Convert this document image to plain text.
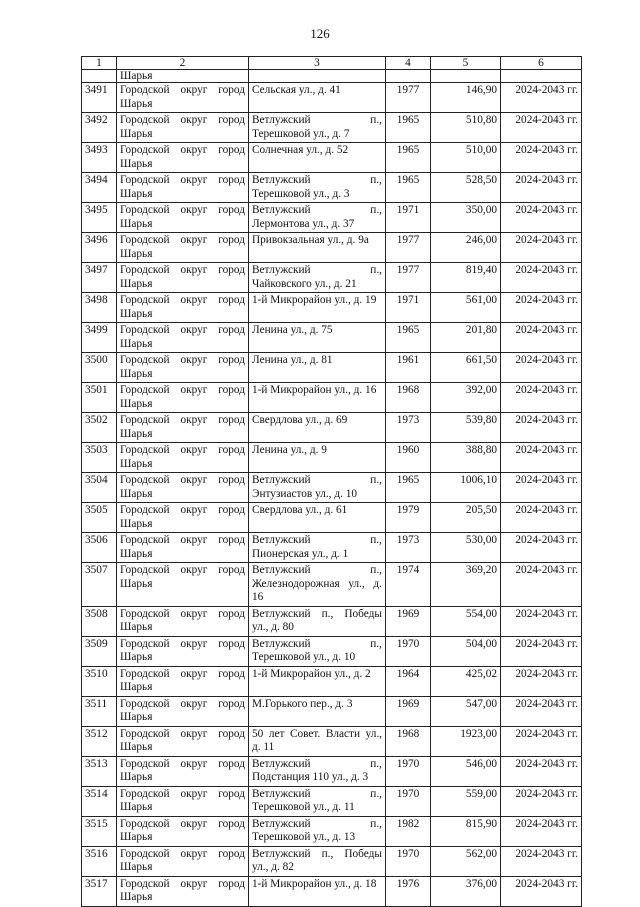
126
1	2	3	4	5	6
	Шарья				
3491	Городской округ город Шарья	Сельская ул., д. 41	1977	146,90	2024-2043 гг.
3492	Городской округ город Шарья	Ветлужский п., Терешковой ул., д. 7	1965	510,80	2024-2043 гг.
3493	Городской округ город Шарья	Солнечная ул., д. 52	1965	510,00	2024-2043 гг.
3494	Городской округ город Шарья	Ветлужский п., Терешковой ул., д. 3	1965	528,50	2024-2043 гг.
3495	Городской округ город Шарья	Ветлужский п., Лермонтова ул., д. 37	1971	350,00	2024-2043 гг.
3496	Городской округ город Шарья	Привокзальная ул., д. 9а	1977	246,00	2024-2043 гг.
3497	Городской округ город Шарья	Ветлужский п., Чайковского ул., д. 21	1977	819,40	2024-2043 гг.
3498	Городской округ город Шарья	1-й Микрорайон ул., д. 19	1971	561,00	2024-2043 гг.
3499	Городской округ город Шарья	Ленина ул., д. 75	1965	201,80	2024-2043 гг.
3500	Городской округ город Шарья	Ленина ул., д. 81	1961	661,50	2024-2043 гг.
3501	Городской округ город Шарья	1-й Микрорайон ул., д. 16	1968	392,00	2024-2043 гг.
3502	Городской округ город Шарья	Свердлова ул., д. 69	1973	539,80	2024-2043 гг.
3503	Городской округ город Шарья	Ленина ул., д. 9	1960	388,80	2024-2043 гг.
3504	Городской округ город Шарья	Ветлужский п., Энтузиастов ул., д. 10	1965	1006,10	2024-2043 гг.
3505	Городской округ город Шарья	Свердлова ул., д. 61	1979	205,50	2024-2043 гг.
3506	Городской округ город Шарья	Ветлужский п., Пионерская ул., д. 1	1973	530,00	2024-2043 гг.
3507	Городской округ город Шарья	Ветлужский п., Железнодорожная ул., д. 16	1974	369,20	2024-2043 гг.
3508	Городской округ город Шарья	Ветлужский п., Победы ул., д. 80	1969	554,00	2024-2043 гг.
3509	Городской округ город Шарья	Ветлужский п., Терешковой ул., д. 10	1970	504,00	2024-2043 гг.
3510	Городской округ город Шарья	1-й Микрорайон ул., д. 2	1964	425,02	2024-2043 гг.
3511	Городской округ город Шарья	М.Горького пер., д. 3	1969	547,00	2024-2043 гг.
3512	Городской округ город Шарья	50 лет Совет. Власти ул., д. 11	1968	1923,00	2024-2043 гг.
3513	Городской округ город Шарья	Ветлужский п., Подстанция 110 ул., д. 3	1970	546,00	2024-2043 гг.
3514	Городской округ город Шарья	Ветлужский п., Терешковой ул., д. 11	1970	559,00	2024-2043 гг.
3515	Городской округ город Шарья	Ветлужский п., Терешковой ул., д. 13	1982	815,90	2024-2043 гг.
3516	Городской округ город Шарья	Ветлужский п., Победы ул., д. 82	1970	562,00	2024-2043 гг.
3517	Городской округ город Шарья	1-й Микрорайон ул., д. 18	1976	376,00	2024-2043 гг.
